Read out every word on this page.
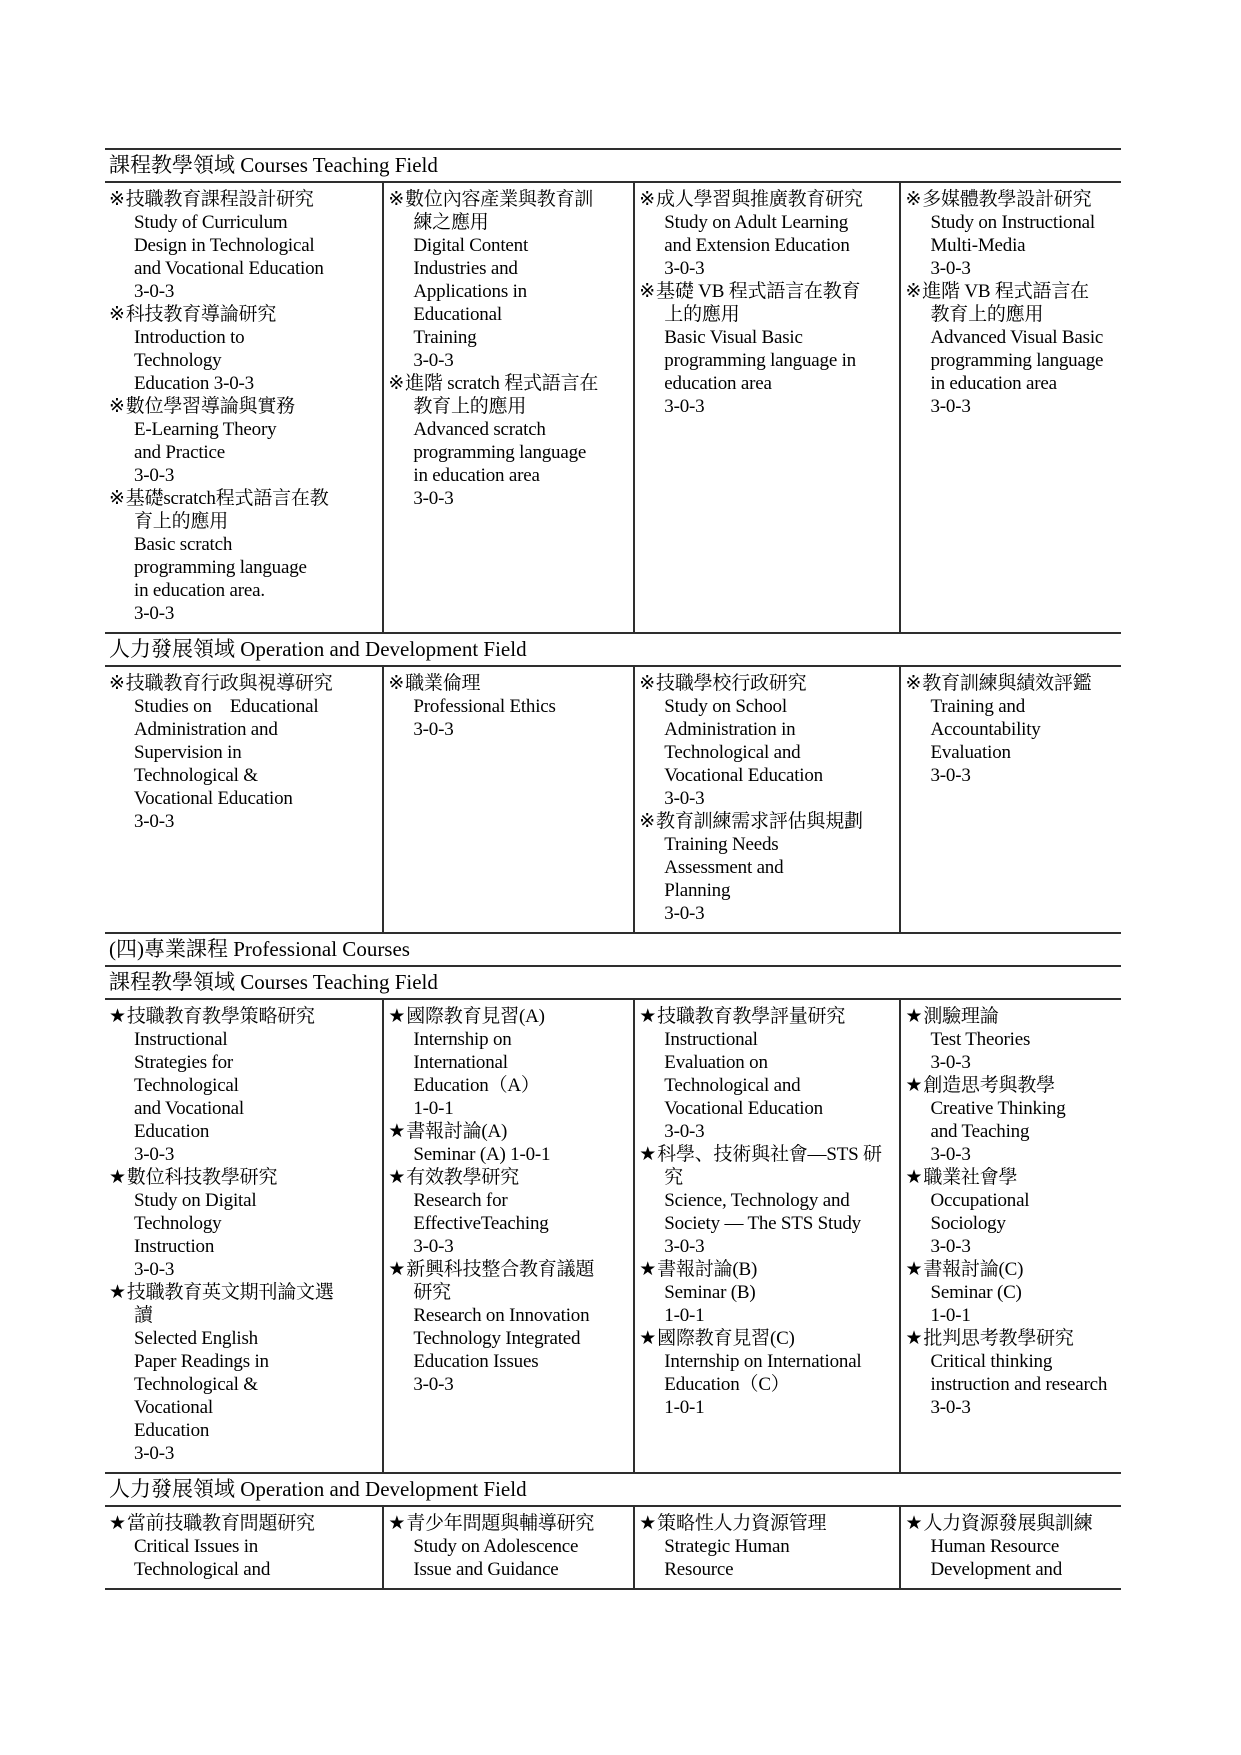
課程教學領域 Courses Teaching Field
※技職教育課程設計研究
Study of Curriculum
Design in Technological
and Vocational Education
3-0-3
※科技教育導論研究
Introduction to
Technology
Education 3-0-3
※數位學習導論與實務
E-Learning Theory
and Practice
3-0-3
※基礎scratch程式語言在教
育上的應用
Basic scratch
programming language
in education area.
3-0-3
※數位內容產業與教育訓
練之應用
Digital Content
Industries and
Applications in
Educational
Training
3-0-3
※進階 scratch 程式語言在
教育上的應用
Advanced scratch
programming language
in education area
3-0-3
※成人學習與推廣教育研究
Study on Adult Learning
and Extension Education
3-0-3
※基礎 VB 程式語言在教育
上的應用
Basic Visual Basic
programming language in
education area
3-0-3
※多媒體教學設計研究
Study on Instructional
Multi-Media
3-0-3
※進階 VB 程式語言在
教育上的應用
Advanced Visual Basic
programming language
in education area
3-0-3
人力發展領域 Operation and Development Field
※技職教育行政與視導研究
Studies on    Educational
Administration and
Supervision in
Technological &
Vocational Education
3-0-3
※職業倫理
Professional Ethics
3-0-3
※技職學校行政研究
Study on School
Administration in
Technological and
Vocational Education
3-0-3
※教育訓練需求評估與規劃
Training Needs
Assessment and
Planning
3-0-3
※教育訓練與績效評鑑
Training and
Accountability
Evaluation
3-0-3
(四)專業課程 Professional Courses
課程教學領域 Courses Teaching Field
★技職教育教學策略研究
Instructional
Strategies for
Technological
and Vocational
Education
3-0-3
★數位科技教學研究
Study on Digital
Technology
Instruction
3-0-3
★技職教育英文期刊論文選
讀
Selected English
Paper Readings in
Technological &
Vocational
Education
3-0-3
★國際教育見習(A)
Internship on
International
Education（A）
1-0-1
★書報討論(A)
Seminar (A) 1-0-1
★有效教學研究
Research for
EffectiveTeaching
3-0-3
★新興科技整合教育議題
研究
Research on Innovation
Technology Integrated
Education Issues
3-0-3
★技職教育教學評量研究
Instructional
Evaluation on
Technological and
Vocational Education
3-0-3
★科學、技術與社會—STS 研究
Science, Technology and
Society — The STS Study
3-0-3
★書報討論(B)
Seminar (B)
1-0-1
★國際教育見習(C)
Internship on International
Education（C）
1-0-1
★測驗理論
Test Theories
3-0-3
★創造思考與教學
Creative Thinking
and Teaching
3-0-3
★職業社會學
Occupational
Sociology
3-0-3
★書報討論(C)
Seminar (C)
1-0-1
★批判思考教學研究
Critical thinking
instruction and research
3-0-3
人力發展領域 Operation and Development Field
★當前技職教育問題研究
Critical Issues in
Technological and
★青少年問題與輔導研究
Study on Adolescence
Issue and Guidance
★策略性人力資源管理
Strategic Human
Resource
★人力資源發展與訓練
Human Resource
Development and
